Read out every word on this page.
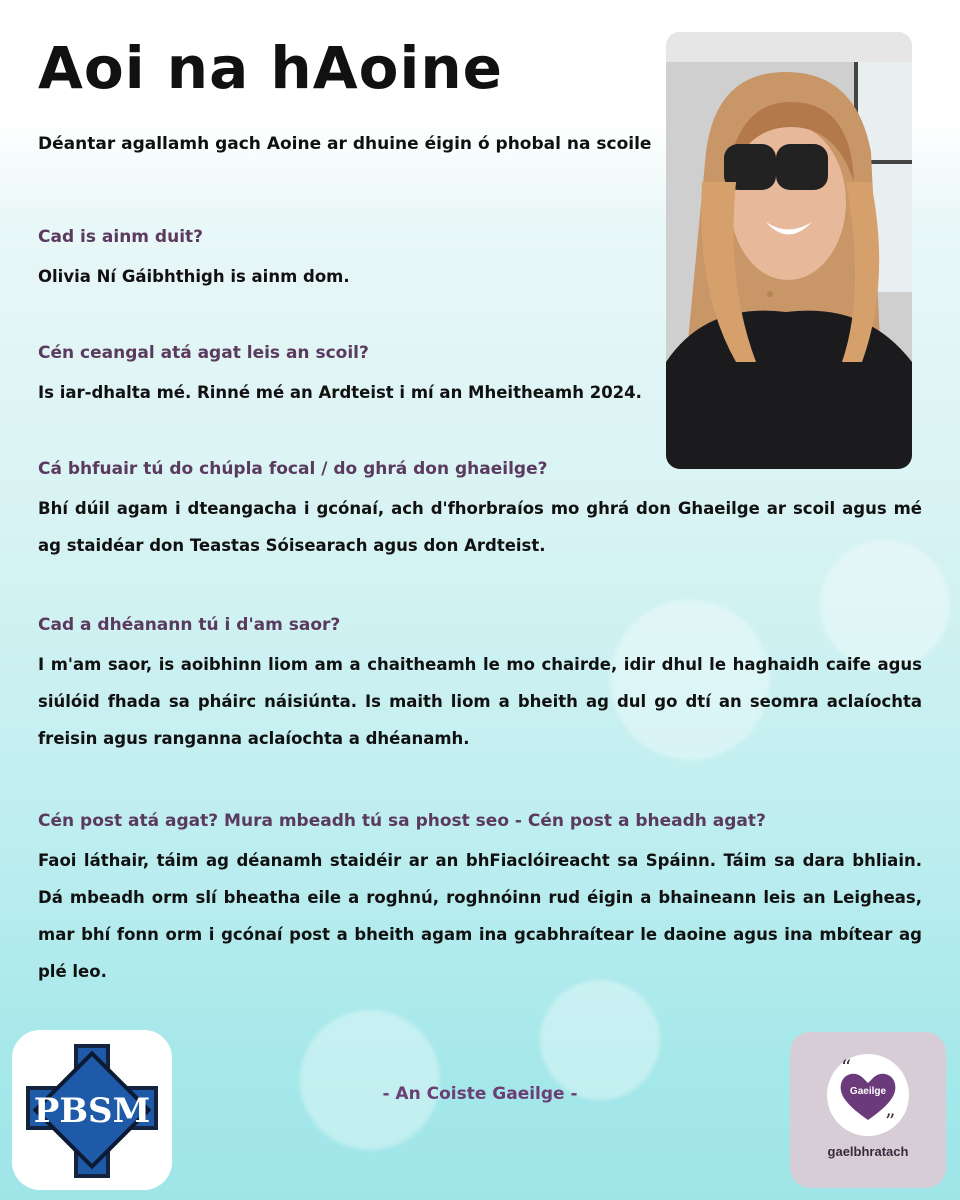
Aoi na hAoine

Déantar agallamh gach Aoine ar dhuine éigin ó phobal na scoile

Cad is ainm duit?

Olivia Ní Gáibhthigh is ainm dom.

Cén ceangal atá agat leis an scoil?

Is iar-dhalta mé. Rinné mé an Ardteist i mí an Mheitheamh 2024.

Cá bhfuair tú do chúpla focal / do ghrá don ghaeilge?

Bhí dúil agam i dteangacha i gcónaí, ach d'fhorbraíos mo ghrá don Ghaeilge ar scoil agus mé ag staidéar don Teastas Sóisearach agus don Ardteist.

Cad a dhéanann tú i d'am saor?

I m'am saor, is aoibhinn liom am a chaitheamh le mo chairde, idir dhul le haghaidh caife agus siúlóid fhada sa pháirc náisiúnta. Is maith liom a bheith ag dul go dtí an seomra aclaíochta freisin agus ranganna aclaíochta a dhéanamh.

Cén post atá agat? Mura mbeadh tú sa phost seo - Cén post a bheadh agat?

Faoi láthair, táim ag déanamh staidéir ar an bhFiaclóireacht sa Spáinn. Táim sa dara bhliain. Dá mbeadh orm slí bheatha eile a roghnú, roghnóinn rud éigin a bhaineann leis an Leigheas, mar bhí fonn orm i gcónaí post a bheith agam ina gcabhraítear le daoine agus ina mbítear ag plé leo.

PBSM	- An Coiste Gaeilge -	Gaeilge
“
”
gaelbhratach
